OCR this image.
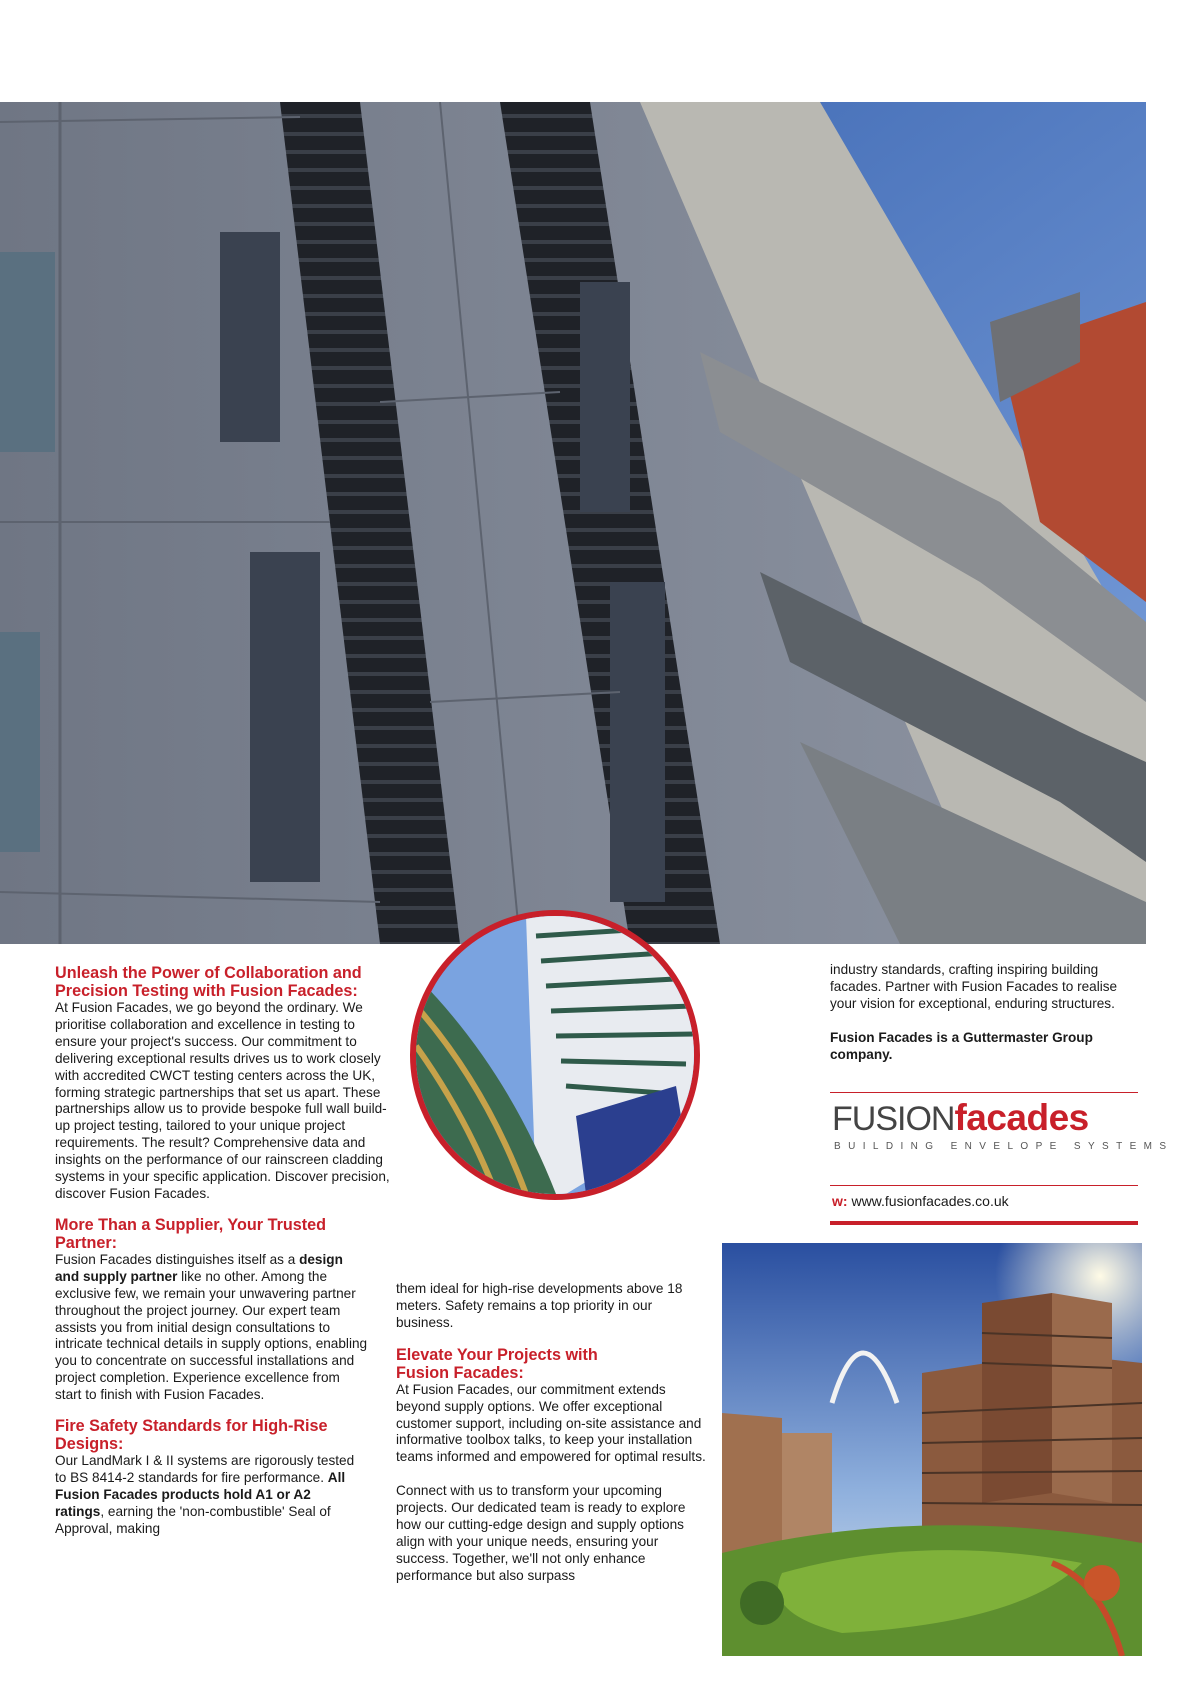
Unleash the Power of Collaboration and Precision Testing with Fusion Facades:

At Fusion Facades, we go beyond the ordinary. We prioritise collaboration and excellence in testing to ensure your project's success. Our commitment to delivering exceptional results drives us to work closely with accredited CWCT testing centers across the UK, forming strategic partnerships that set us apart. These partnerships allow us to provide bespoke full wall build-up project testing, tailored to your unique project requirements. The result? Comprehensive data and insights on the performance of our rainscreen cladding systems in your specific application. Discover precision, discover Fusion Facades.

More Than a Supplier, Your Trusted Partner:

Fusion Facades distinguishes itself as a design and supply partner like no other. Among the exclusive few, we remain your unwavering partner throughout the project journey. Our expert team assists you from initial design consultations to intricate technical details in supply options, enabling you to concentrate on successful installations and project completion. Experience excellence from start to finish with Fusion Facades.

Fire Safety Standards for High-Rise Designs:

Our LandMark I & II systems are rigorously tested to BS 8414-2 standards for fire performance. All Fusion Facades products hold A1 or A2 ratings, earning the 'non-combustible' Seal of Approval, making

them ideal for high-rise developments above 18 meters. Safety remains a top priority in our business.

Elevate Your Projects with Fusion Facades:

At Fusion Facades, our commitment extends beyond supply options. We offer exceptional customer support, including on-site assistance and informative toolbox talks, to keep your installation teams informed and empowered for optimal results.

Connect with us to transform your upcoming projects. Our dedicated team is ready to explore how our cutting-edge design and supply options align with your unique needs, ensuring your success. Together, we'll not only enhance performance but also surpass

industry standards, crafting inspiring building facades. Partner with Fusion Facades to realise your vision for exceptional, enduring structures.

Fusion Facades is a Guttermaster Group company.

FUSIONfacades
BUILDING ENVELOPE SYSTEMS
w: www.fusionfacades.co.uk
